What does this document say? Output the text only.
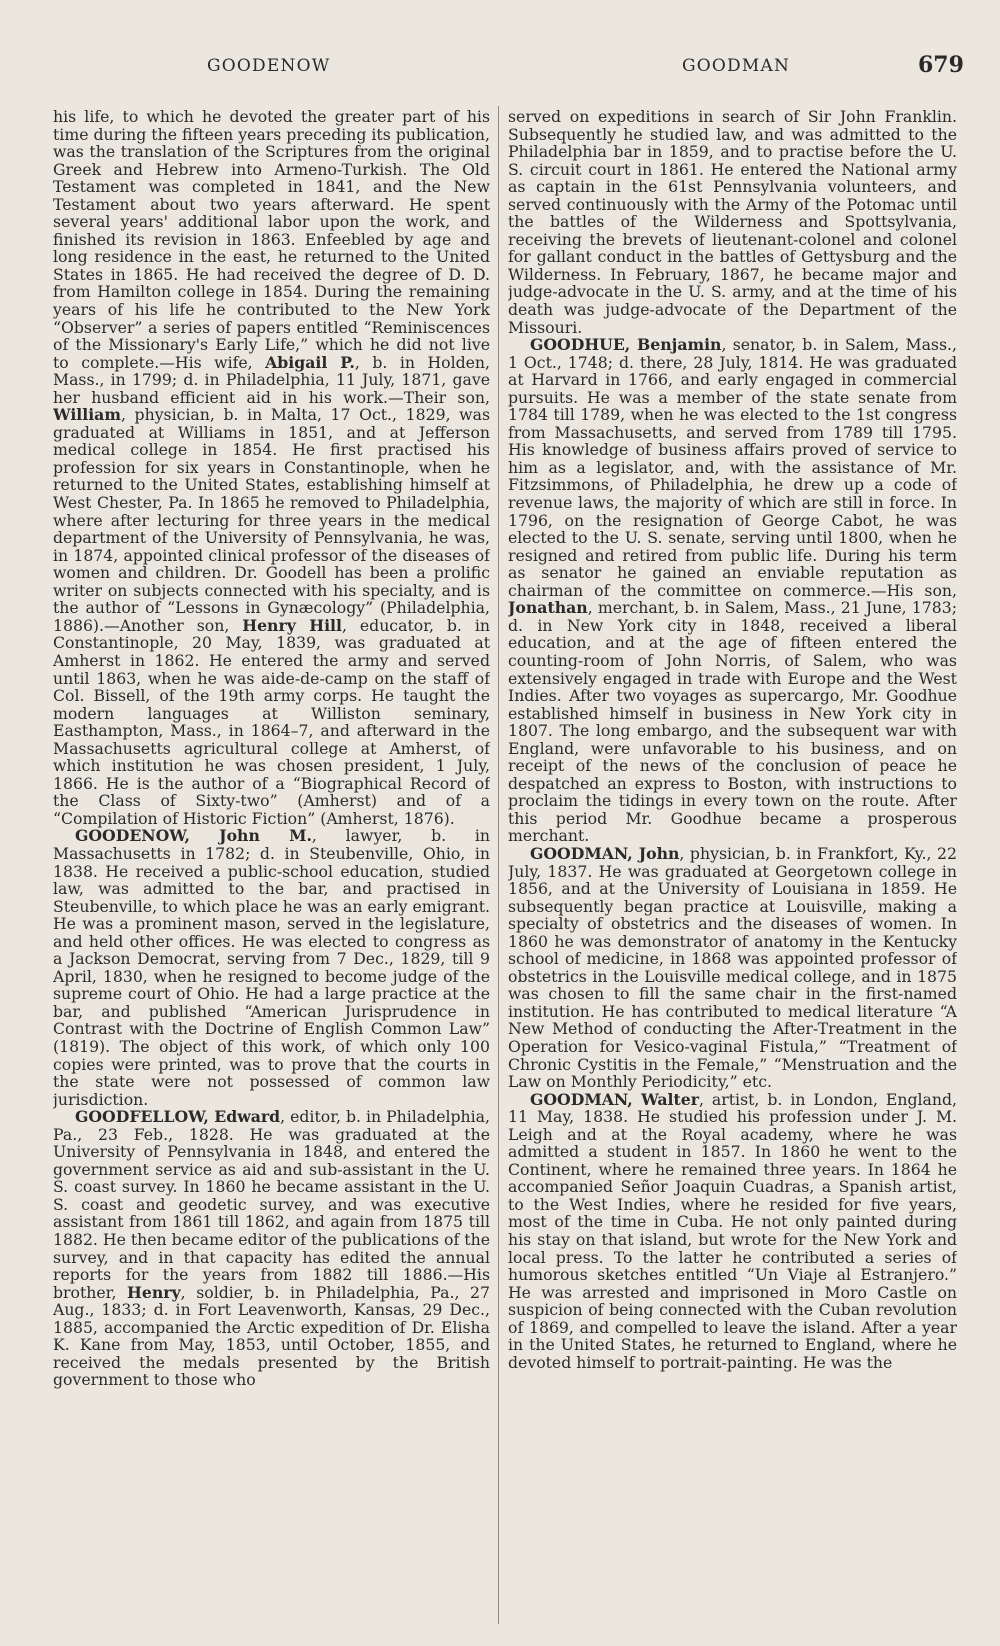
GOODENOW	GOODMAN	679

his life, to which he devoted the greater part of his time during the fifteen years preceding its publication, was the translation of the Scriptures from the original Greek and Hebrew into Armeno-Turkish. The Old Testament was completed in 1841, and the New Testament about two years afterward. He spent several years' additional labor upon the work, and finished its revision in 1863. Enfeebled by age and long residence in the east, he returned to the United States in 1865. He had received the degree of D. D. from Hamilton college in 1854. During the remaining years of his life he contributed to the New York “Observer” a series of papers entitled “Reminiscences of the Missionary's Early Life,” which he did not live to complete.—His wife, Abigail P., b. in Holden, Mass., in 1799; d. in Philadelphia, 11 July, 1871, gave her husband efficient aid in his work.—Their son, William, physician, b. in Malta, 17 Oct., 1829, was graduated at Williams in 1851, and at Jefferson medical college in 1854. He first practised his profession for six years in Constantinople, when he returned to the United States, establishing himself at West Chester, Pa. In 1865 he removed to Philadelphia, where after lecturing for three years in the medical department of the University of Pennsylvania, he was, in 1874, appointed clinical professor of the diseases of women and children. Dr. Goodell has been a prolific writer on subjects connected with his specialty, and is the author of “Lessons in Gynæcology” (Philadelphia, 1886).—Another son, Henry Hill, educator, b. in Constantinople, 20 May, 1839, was graduated at Amherst in 1862. He entered the army and served until 1863, when he was aide-de-camp on the staff of Col. Bissell, of the 19th army corps. He taught the modern languages at Williston seminary, Easthampton, Mass., in 1864–7, and afterward in the Massachusetts agricultural college at Amherst, of which institution he was chosen president, 1 July, 1866. He is the author of a “Biographical Record of the Class of Sixty-two” (Amherst) and of a “Compilation of Historic Fiction” (Amherst, 1876).

GOODENOW, John M., lawyer, b. in Massachusetts in 1782; d. in Steubenville, Ohio, in 1838. He received a public-school education, studied law, was admitted to the bar, and practised in Steubenville, to which place he was an early emigrant. He was a prominent mason, served in the legislature, and held other offices. He was elected to congress as a Jackson Democrat, serving from 7 Dec., 1829, till 9 April, 1830, when he resigned to become judge of the supreme court of Ohio. He had a large practice at the bar, and published “American Jurisprudence in Contrast with the Doctrine of English Common Law” (1819). The object of this work, of which only 100 copies were printed, was to prove that the courts in the state were not possessed of common law jurisdiction.

GOODFELLOW, Edward, editor, b. in Philadelphia, Pa., 23 Feb., 1828. He was graduated at the University of Pennsylvania in 1848, and entered the government service as aid and sub-assistant in the U. S. coast survey. In 1860 he became assistant in the U. S. coast and geodetic survey, and was executive assistant from 1861 till 1862, and again from 1875 till 1882. He then became editor of the publications of the survey, and in that capacity has edited the annual reports for the years from 1882 till 1886.—His brother, Henry, soldier, b. in Philadelphia, Pa., 27 Aug., 1833; d. in Fort Leavenworth, Kansas, 29 Dec., 1885, accompanied the Arctic expedition of Dr. Elisha K. Kane from May, 1853, until October, 1855, and received the medals presented by the British government to those who

served on expeditions in search of Sir John Franklin. Subsequently he studied law, and was admitted to the Philadelphia bar in 1859, and to practise before the U. S. circuit court in 1861. He entered the National army as captain in the 61st Pennsylvania volunteers, and served continuously with the Army of the Potomac until the battles of the Wilderness and Spottsylvania, receiving the brevets of lieutenant-colonel and colonel for gallant conduct in the battles of Gettysburg and the Wilderness. In February, 1867, he became major and judge-advocate in the U. S. army, and at the time of his death was judge-advocate of the Department of the Missouri.

GOODHUE, Benjamin, senator, b. in Salem, Mass., 1 Oct., 1748; d. there, 28 July, 1814. He was graduated at Harvard in 1766, and early engaged in commercial pursuits. He was a member of the state senate from 1784 till 1789, when he was elected to the 1st congress from Massachusetts, and served from 1789 till 1795. His knowledge of business affairs proved of service to him as a legislator, and, with the assistance of Mr. Fitzsimmons, of Philadelphia, he drew up a code of revenue laws, the majority of which are still in force. In 1796, on the resignation of George Cabot, he was elected to the U. S. senate, serving until 1800, when he resigned and retired from public life. During his term as senator he gained an enviable reputation as chairman of the committee on commerce.—His son, Jonathan, merchant, b. in Salem, Mass., 21 June, 1783; d. in New York city in 1848, received a liberal education, and at the age of fifteen entered the counting-room of John Norris, of Salem, who was extensively engaged in trade with Europe and the West Indies. After two voyages as supercargo, Mr. Goodhue established himself in business in New York city in 1807. The long embargo, and the subsequent war with England, were unfavorable to his business, and on receipt of the news of the conclusion of peace he despatched an express to Boston, with instructions to proclaim the tidings in every town on the route. After this period Mr. Goodhue became a prosperous merchant.

GOODMAN, John, physician, b. in Frankfort, Ky., 22 July, 1837. He was graduated at Georgetown college in 1856, and at the University of Louisiana in 1859. He subsequently began practice at Louisville, making a specialty of obstetrics and the diseases of women. In 1860 he was demonstrator of anatomy in the Kentucky school of medicine, in 1868 was appointed professor of obstetrics in the Louisville medical college, and in 1875 was chosen to fill the same chair in the first-named institution. He has contributed to medical literature “A New Method of conducting the After-Treatment in the Operation for Vesico-vaginal Fistula,” “Treatment of Chronic Cystitis in the Female,” “Menstruation and the Law on Monthly Periodicity,” etc.

GOODMAN, Walter, artist, b. in London, England, 11 May, 1838. He studied his profession under J. M. Leigh and at the Royal academy, where he was admitted a student in 1857. In 1860 he went to the Continent, where he remained three years. In 1864 he accompanied Señor Joaquin Cuadras, a Spanish artist, to the West Indies, where he resided for five years, most of the time in Cuba. He not only painted during his stay on that island, but wrote for the New York and local press. To the latter he contributed a series of humorous sketches entitled “Un Viaje al Estranjero.” He was arrested and imprisoned in Moro Castle on suspicion of being connected with the Cuban revolution of 1869, and compelled to leave the island. After a year in the United States, he returned to England, where he devoted himself to portrait-painting. He was the
